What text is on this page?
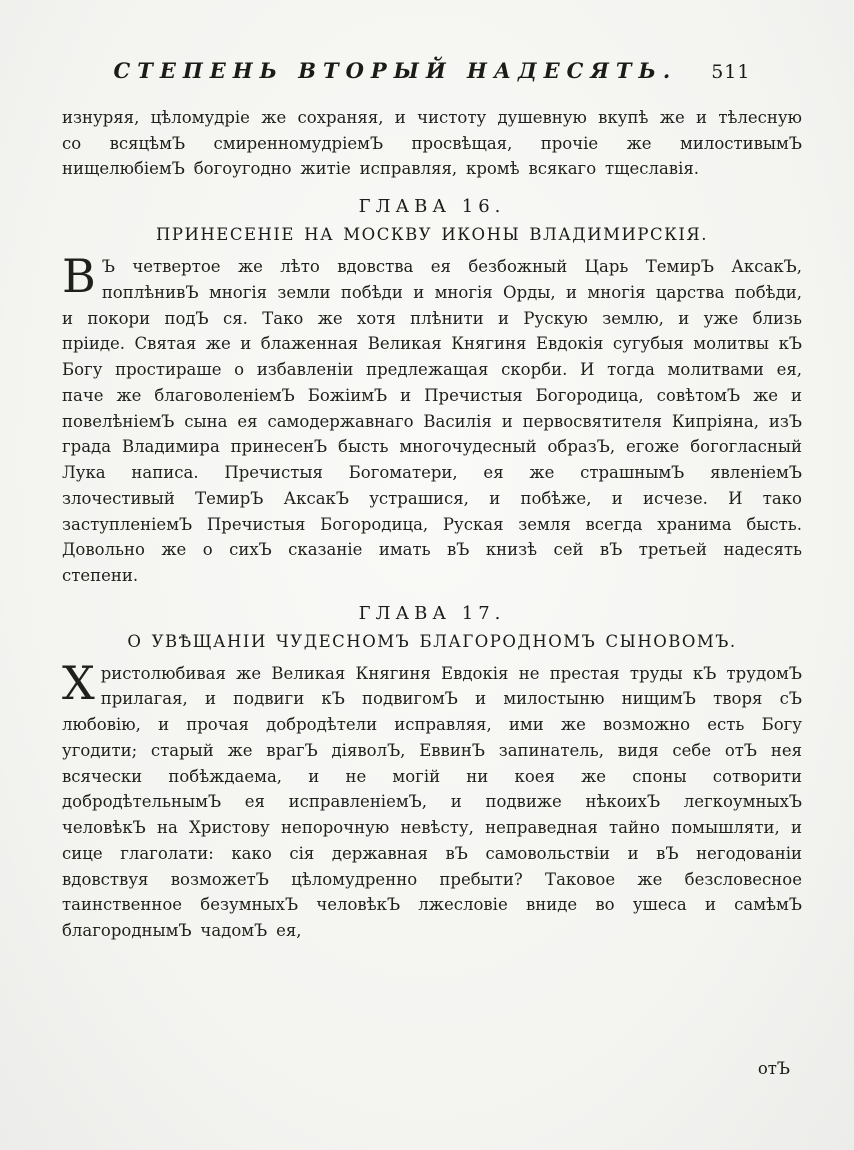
СТЕПЕНЬ ВТОРЫЙ НАДЕСЯТЬ. 511

изнуряя, цѣломудріе же сохраняя, и чистоту душевную вкупѣ же и тѣлесную со всяцѣмЪ смиренномудріемЪ просвѣщая, прочіе же милостивымЪ нищелюбіемЪ богоугодно житіе исправляя, кромѣ всякаго тщеславія.

ГЛАВА 16.
ПРИНЕСЕНІЕ НА МОСКВУ ИКОНЫ ВЛАДИМИРСКІЯ.

В Ъ четвертое же лѣто вдовства ея безбожный Царь ТемирЪ АксакЪ, поплѣнивЪ многія земли побѣди и многія Орды, и многія царства побѣди, и покори подЪ ся. Тако же хотя плѣнити и Рускую землю, и уже близь пріиде. Святая же и блаженная Великая Княгиня Евдокія сугубыя молитвы кЪ Богу простираше о избавленіи предлежащая скорби. И тогда молитвами ея, паче же благоволеніемЪ БожіимЪ и Пречистыя Богородица, совѣтомЪ же и повелѣніемЪ сына ея самодержавнаго Василія и первосвятителя Кипріяна, изЪ града Владимира принесенЪ бысть многочудесный образЪ, егоже богогласный Лука написа. Пречистыя Богоматери, ея же страшнымЪ явленіемЪ злочестивый ТемирЪ АксакЪ устрашися, и побѣже, и исчезе. И тако заступленіемЪ Пречистыя Богородица, Руская земля всегда хранима бысть. Довольно же о сихЪ сказаніе имать вЪ книзѣ сей вЪ третьей надесять степени.

ГЛАВА 17.
О УВѢЩАНІИ ЧУДЕСНОМЪ БЛАГОРОДНОМЪ СЫНОВОМЪ.

Христолюбивая же Великая Княгиня Евдокія не престая труды кЪ трудомЪ прилагая, и подвиги кЪ подвигомЪ и милостыню нищимЪ творя сЪ любовію, и прочая добродѣтели исправляя, ими же возможно есть Богу угодити; старый же врагЪ діяволЪ, ЕввинЪ запинатель, видя себе отЪ нея всячески побѣждаема, и не могій ни коея же споны сотворити добродѣтельнымЪ ея исправленіемЪ, и подвиже нѣкоихЪ легкоумныхЪ человѣкЪ на Христову непорочную невѣсту, неправедная тайно помышляти, и сице глаголати: како сія державная вЪ самовольствіи и вЪ негодованіи вдовствуя возможетЪ цѣломудренно пребыти? Таковое же безсловесное таинственное безумныхЪ человѣкЪ лжесловіе вниде во ушеса и самѣмЪ благороднымЪ чадомЪ ея,

отЪ
